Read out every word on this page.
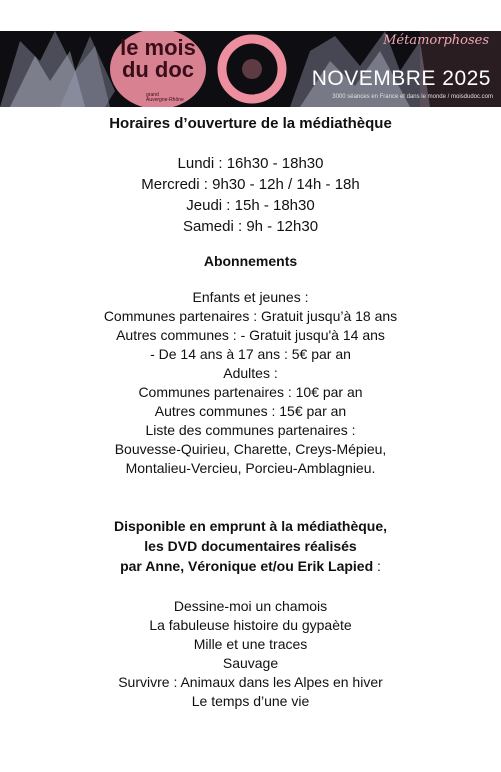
le mois
du doc
grand
Auvergne-Rhône
Métamorphoses
NOVEMBRE 2025
3000 séances en France et dans le monde / moisdudoc.com

Horaires d’ouverture de la médiathèque

Lundi : 16h30 - 18h30

Mercredi : 9h30 - 12h / 14h - 18h

Jeudi : 15h - 18h30

Samedi : 9h - 12h30

Abonnements

Enfants et jeunes :

Communes partenaires : Gratuit jusqu’à 18 ans

Autres communes : - Gratuit jusqu'à 14 ans

- De 14 ans à 17 ans : 5€ par an

Adultes :

Communes partenaires : 10€ par an

Autres communes : 15€ par an

Liste des communes partenaires :

Bouvesse-Quirieu, Charette, Creys-Mépieu,

Montalieu-Vercieu, Porcieu-Amblagnieu.

Disponible en emprunt à la médiathèque,

les DVD documentaires réalisés

par Anne, Véronique et/ou Erik Lapied :

Dessine-moi un chamois

La fabuleuse histoire du gypaète

Mille et une traces

Sauvage

Survivre : Animaux dans les Alpes en hiver

Le temps d’une vie
